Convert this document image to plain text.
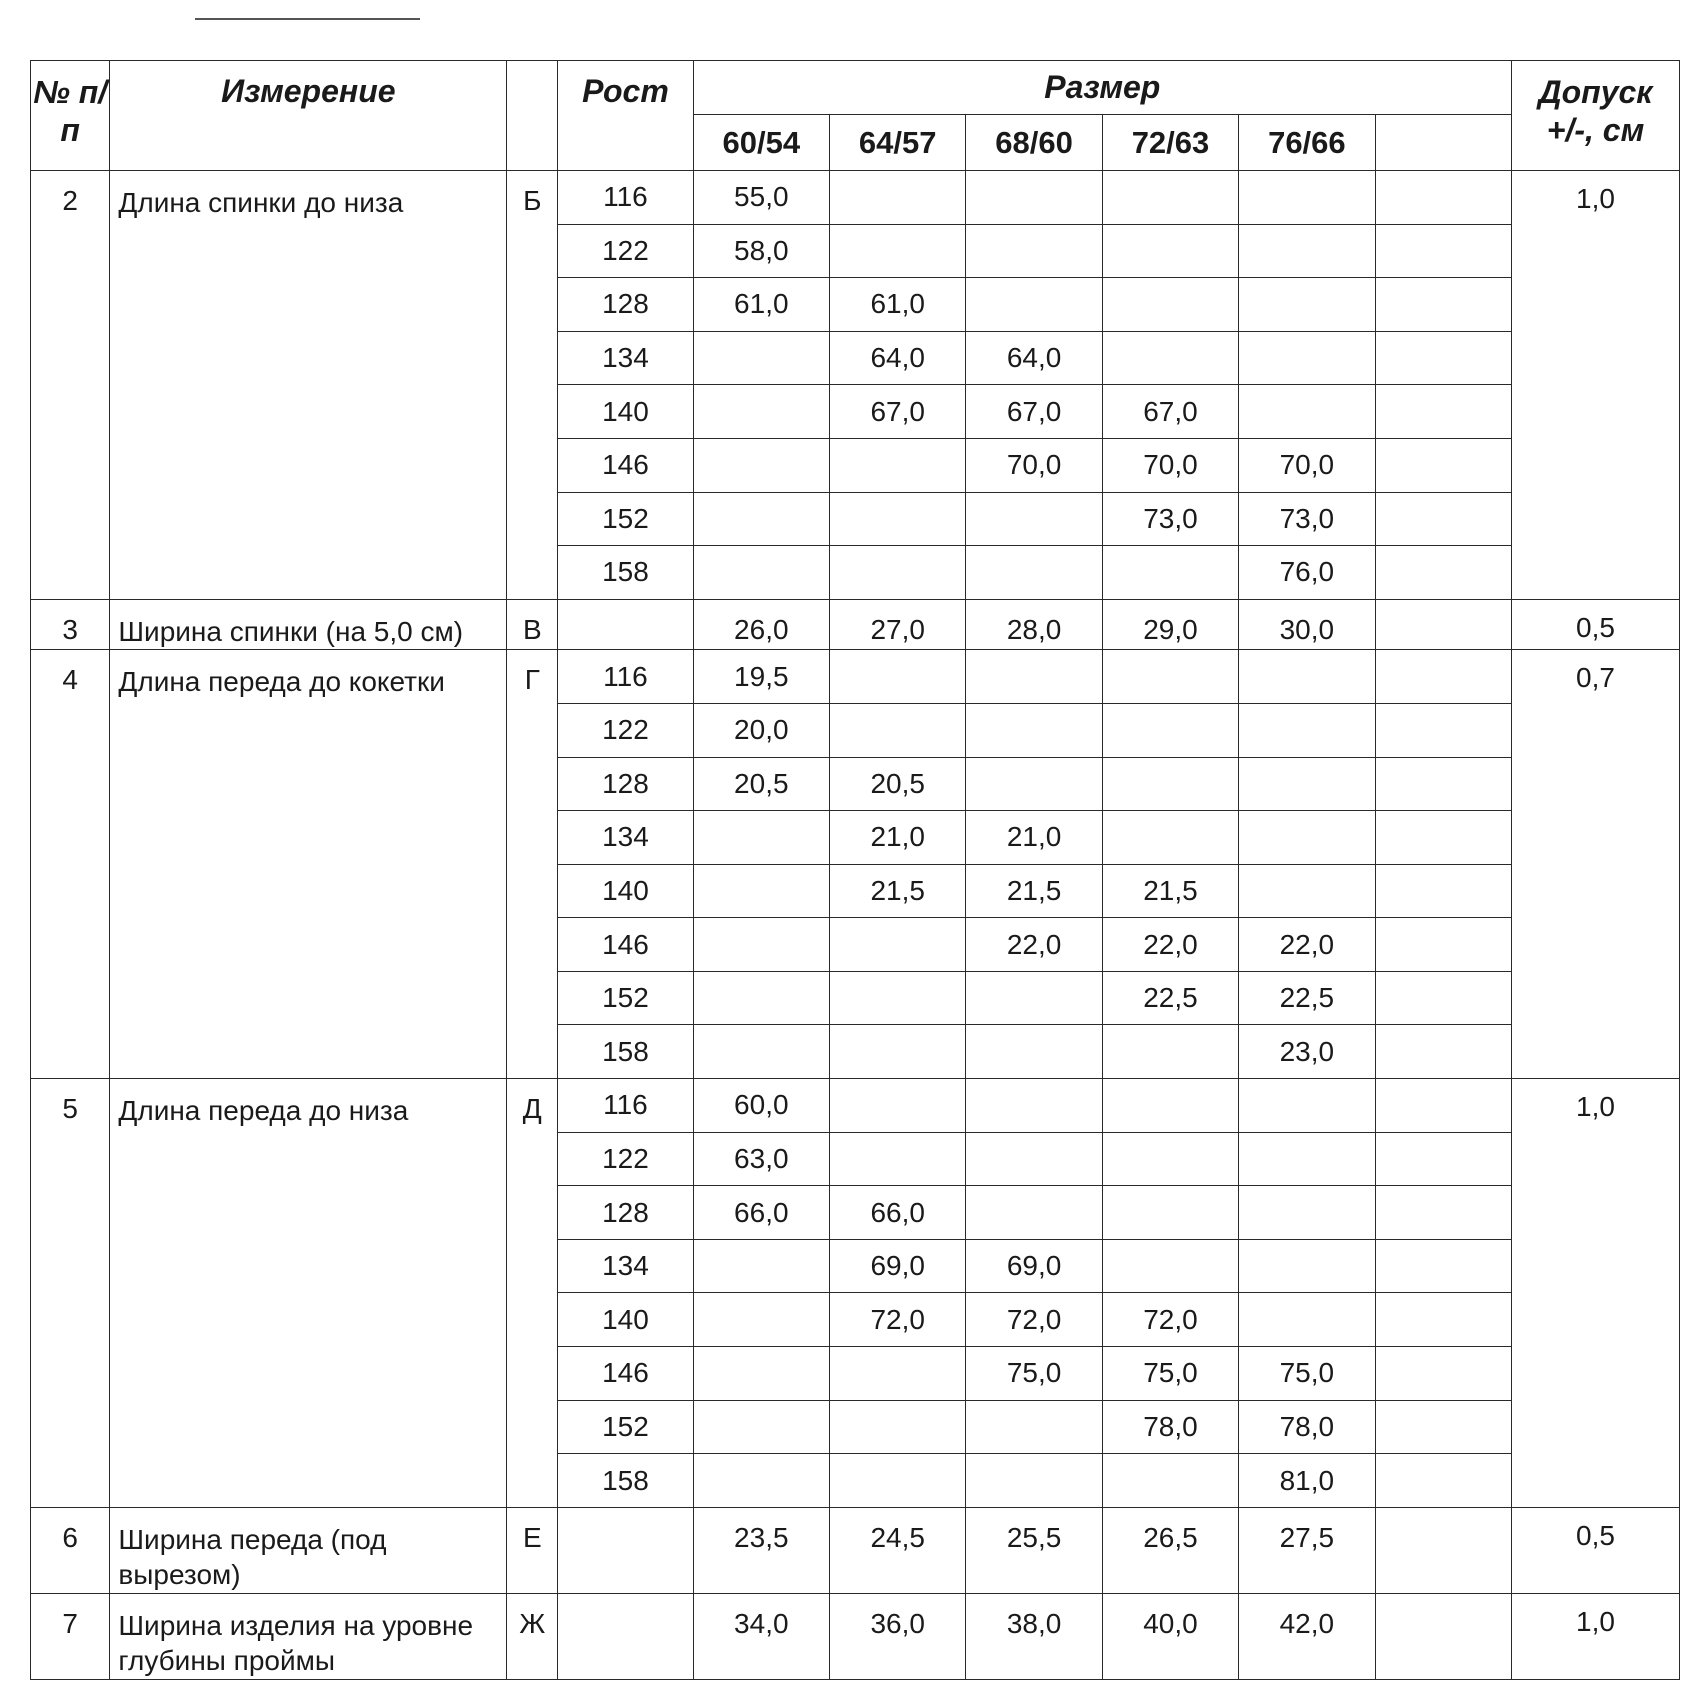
№ п/п	Измерение		Рост	Размер						Допуск +/-, см
				60/54	64/57	68/60	72/63	76/66		
2	Длина спинки до низа	Б	116	55,0						1,0
			122	58,0						
			128	61,0	61,0					
			134		64,0	64,0				
			140		67,0	67,0	67,0			
			146			70,0	70,0	70,0		
			152				73,0	73,0		
			158					76,0		
3	Ширина спинки (на 5,0 см)	В		26,0	27,0	28,0	29,0	30,0		0,5
4	Длина переда до кокетки	Г	116	19,5						0,7
			122	20,0						
			128	20,5	20,5					
			134		21,0	21,0				
			140		21,5	21,5	21,5			
			146			22,0	22,0	22,0		
			152				22,5	22,5		
			158					23,0		
5	Длина переда до низа	Д	116	60,0						1,0
			122	63,0						
			128	66,0	66,0					
			134		69,0	69,0				
			140		72,0	72,0	72,0			
			146			75,0	75,0	75,0		
			152				78,0	78,0		
			158					81,0		
6	Ширина переда (под вырезом)	Е		23,5	24,5	25,5	26,5	27,5		0,5
7	Ширина изделия на уровне глубины проймы	Ж		34,0	36,0	38,0	40,0	42,0		1,0
